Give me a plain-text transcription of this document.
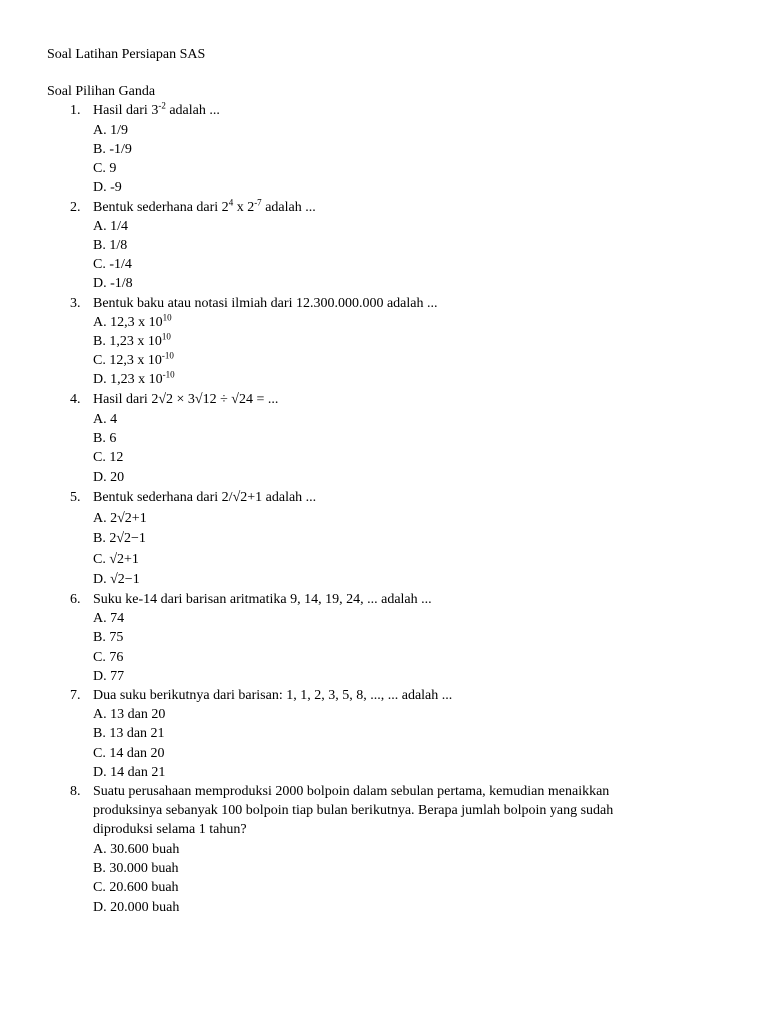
Soal Latihan Persiapan SAS
Soal Pilihan Ganda
1. Hasil dari $3^{-2}$ adalah ...
A. 1/9
B. -1/9
C. 9
D. -9
2. Bentuk sederhana dari $2^4$ x $2^{-7}$ adalah ...
A. 1/4
B. 1/8
C. -1/4
D. -1/8
3. Bentuk baku atau notasi ilmiah dari 12.300.000.000 adalah ...
A. 12,3 x $10^{10}$
B. 1,23 x $10^{10}$
C. 12,3 x $10^{-10}$
D. 1,23 x $10^{-10}$
4. Hasil dari 2√2 × 3√12 ÷ √24 = ...
A. 4
B. 6
C. 12
D. 20
5. Bentuk sederhana dari 2/√2+1 adalah ...
A. 2√2+1
B. 2√2−1
C. √2+1
D. √2−1
6. Suku ke-14 dari barisan aritmatika 9, 14, 19, 24, ... adalah ...
A. 74
B. 75
C. 76
D. 77
7. Dua suku berikutnya dari barisan: 1, 1, 2, 3, 5, 8, ..., ... adalah ...
A. 13 dan 20
B. 13 dan 21
C. 14 dan 20
D. 14 dan 21
8. Suatu perusahaan memproduksi 2000 bolpoin dalam sebulan pertama, kemudian menaikkan
produksinya sebanyak 100 bolpoin tiap bulan berikutnya. Berapa jumlah bolpoin yang sudah
diproduksi selama 1 tahun?
A. 30.600 buah
B. 30.000 buah
C. 20.600 buah
D. 20.000 buah
